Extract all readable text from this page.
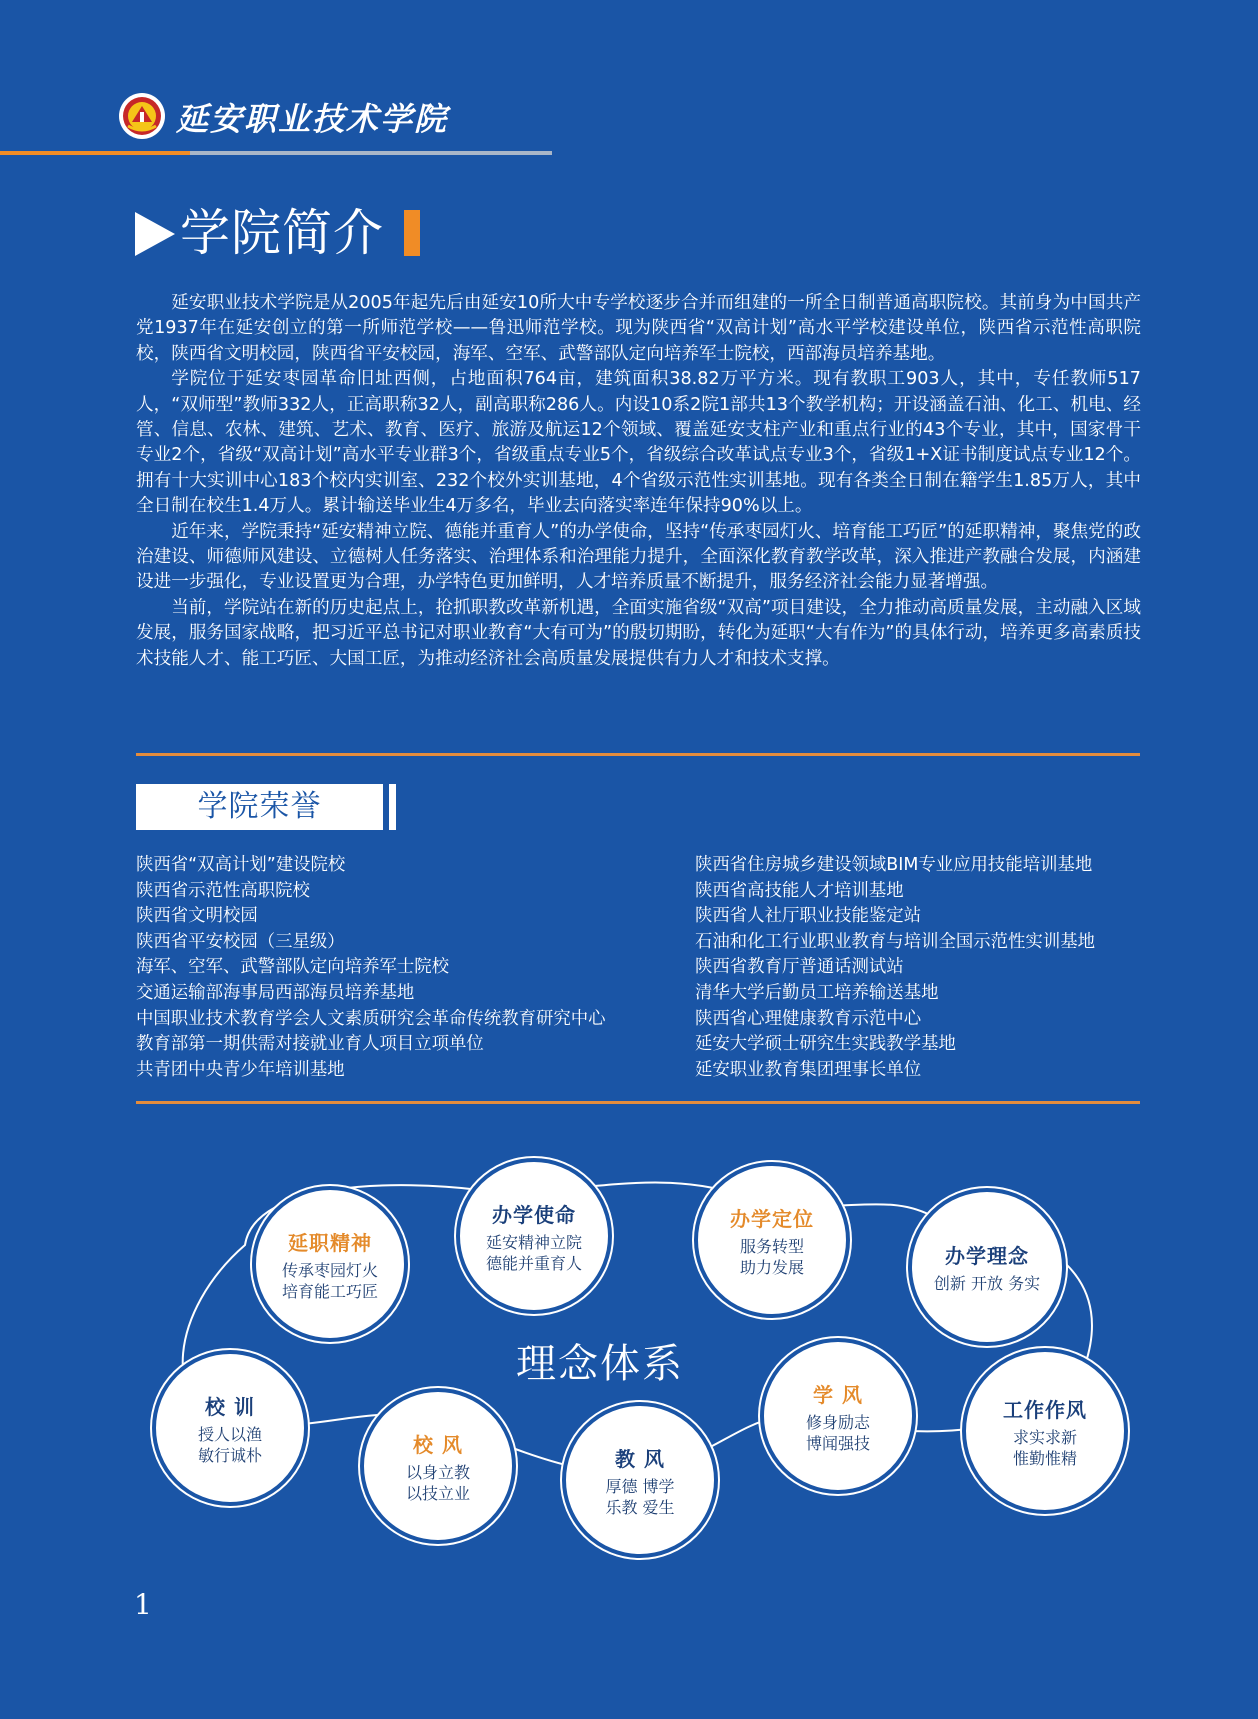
延安职业技术学院
学院简介

延安职业技术学院是从2005年起先后由延安10所大中专学校逐步合并而组建的一所全日制普通高职院校。其前身为中国共产党1937年在延安创立的第一所师范学校——鲁迅师范学校。现为陕西省“双高计划”高水平学校建设单位，陕西省示范性高职院校，陕西省文明校园，陕西省平安校园，海军、空军、武警部队定向培养军士院校，西部海员培养基地。

学院位于延安枣园革命旧址西侧，占地面积764亩，建筑面积38.82万平方米。现有教职工903人，其中，专任教师517人，“双师型”教师332人，正高职称32人，副高职称286人。内设10系2院1部共13个教学机构；开设涵盖石油、化工、机电、经管、信息、农林、建筑、艺术、教育、医疗、旅游及航运12个领域、覆盖延安支柱产业和重点行业的43个专业，其中，国家骨干专业2个，省级“双高计划”高水平专业群3个，省级重点专业5个，省级综合改革试点专业3个，省级1+X证书制度试点专业12个。拥有十大实训中心183个校内实训室、232个校外实训基地，4个省级示范性实训基地。现有各类全日制在籍学生1.85万人，其中全日制在校生1.4万人。累计输送毕业生4万多名，毕业去向落实率连年保持90%以上。

近年来，学院秉持“延安精神立院、德能并重育人”的办学使命，坚持“传承枣园灯火、培育能工巧匠”的延职精神，聚焦党的政治建设、师德师风建设、立德树人任务落实、治理体系和治理能力提升，全面深化教育教学改革，深入推进产教融合发展，内涵建设进一步强化，专业设置更为合理，办学特色更加鲜明，人才培养质量不断提升，服务经济社会能力显著增强。

当前，学院站在新的历史起点上，抢抓职教改革新机遇，全面实施省级“双高”项目建设，全力推动高质量发展，主动融入区域发展，服务国家战略，把习近平总书记对职业教育“大有可为”的殷切期盼，转化为延职“大有作为”的具体行动，培养更多高素质技术技能人才、能工巧匠、大国工匠，为推动经济社会高质量发展提供有力人才和技术支撑。

学院荣誉
陕西省“双高计划”建设院校
陕西省示范性高职院校
陕西省文明校园
陕西省平安校园（三星级）
海军、空军、武警部队定向培养军士院校
交通运输部海事局西部海员培养基地
中国职业技术教育学会人文素质研究会革命传统教育研究中心
教育部第一期供需对接就业育人项目立项单位
共青团中央青少年培训基地
陕西省住房城乡建设领域BIM专业应用技能培训基地
陕西省高技能人才培训基地
陕西省人社厅职业技能鉴定站
石油和化工行业职业教育与培训全国示范性实训基地
陕西省教育厅普通话测试站
清华大学后勤员工培养输送基地
陕西省心理健康教育示范中心
延安大学硕士研究生实践教学基地
延安职业教育集团理事长单位
理念体系
延职精神
传承枣园灯火
培育能工巧匠
办学使命
延安精神立院
德能并重育人
办学定位
服务转型
助力发展	办学理念
创新 开放 务实
校 训
授人以渔
敏行诚朴	校 风
以身立教
以技立业
教 风
厚德 博学
乐教 爱生
学 风
修身励志
博闻强技
工作作风
求实求新
惟勤惟精
1
